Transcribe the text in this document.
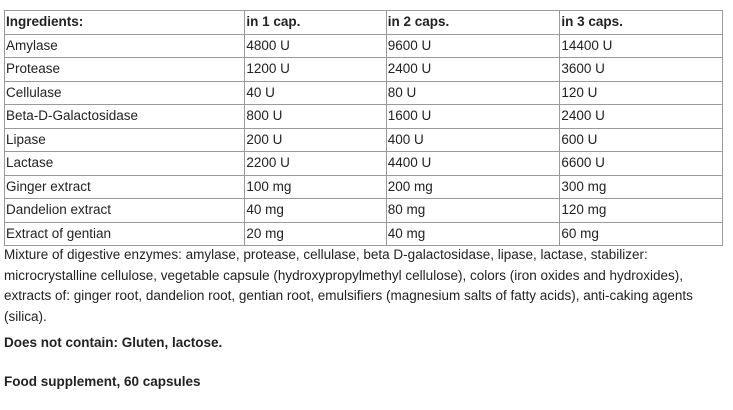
Ingredients:	in 1 cap.	in 2 caps.	in 3 caps.
Amylase	4800 U	9600 U	14400 U
Protease	1200 U	2400 U	3600 U
Cellulase	40 U	80 U	120 U
Beta-D-Galactosidase	800 U	1600 U	2400 U
Lipase	200 U	400 U	600 U
Lactase	2200 U	4400 U	6600 U
Ginger extract	100 mg	200 mg	300 mg
Dandelion extract	40 mg	80 mg	120 mg
Extract of gentian	20 mg	40 mg	60 mg

Mixture of digestive enzymes: amylase, protease, cellulase, beta D-galactosidase, lipase, lactase, stabilizer: microcrystalline cellulose, vegetable capsule (hydroxypropylmethyl cellulose), colors (iron oxides and hydroxides), extracts of: ginger root, dandelion root, gentian root, emulsifiers (magnesium salts of fatty acids), anti-caking agents (silica).

Does not contain: Gluten, lactose.

Food supplement, 60 capsules
